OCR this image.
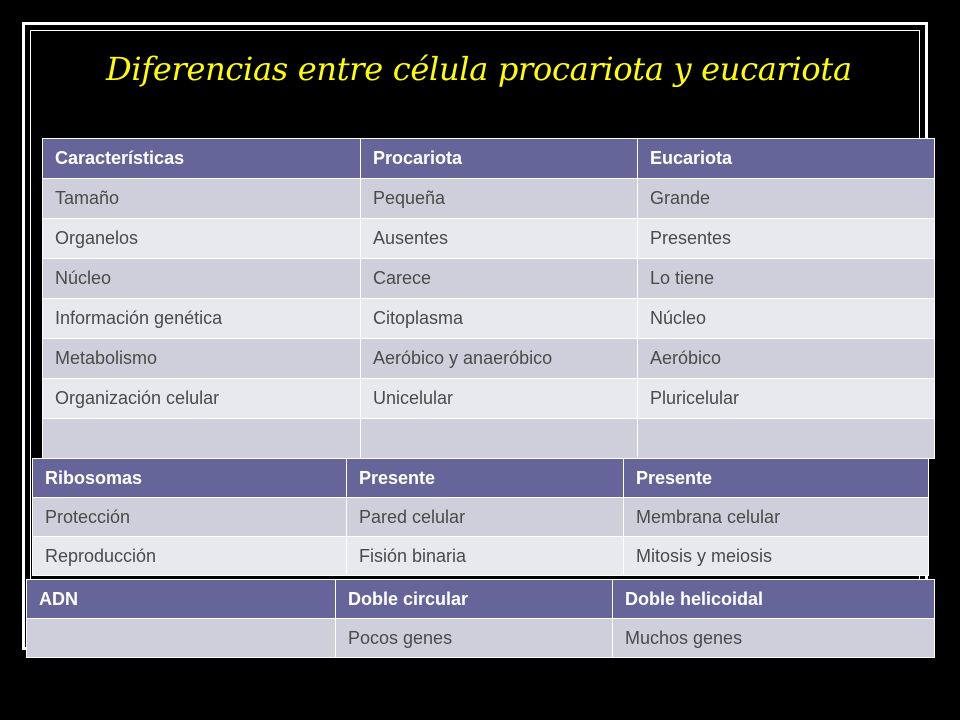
Diferencias entre célula procariota y eucariota
Características	Procariota	Eucariota
Tamaño	Pequeña	Grande
Organelos	Ausentes	Presentes
Núcleo	Carece	Lo tiene
Información genética	Citoplasma	Núcleo
Metabolismo	Aeróbico y anaeróbico	Aeróbico
Organización celular	Unicelular	Pluricelular

Ribosomas	Presente	Presente
Protección	Pared celular	Membrana celular
Reproducción	Fisión binaria	Mitosis y meiosis
ADN	Doble circular	Doble helicoidal
	Pocos genes	Muchos genes
